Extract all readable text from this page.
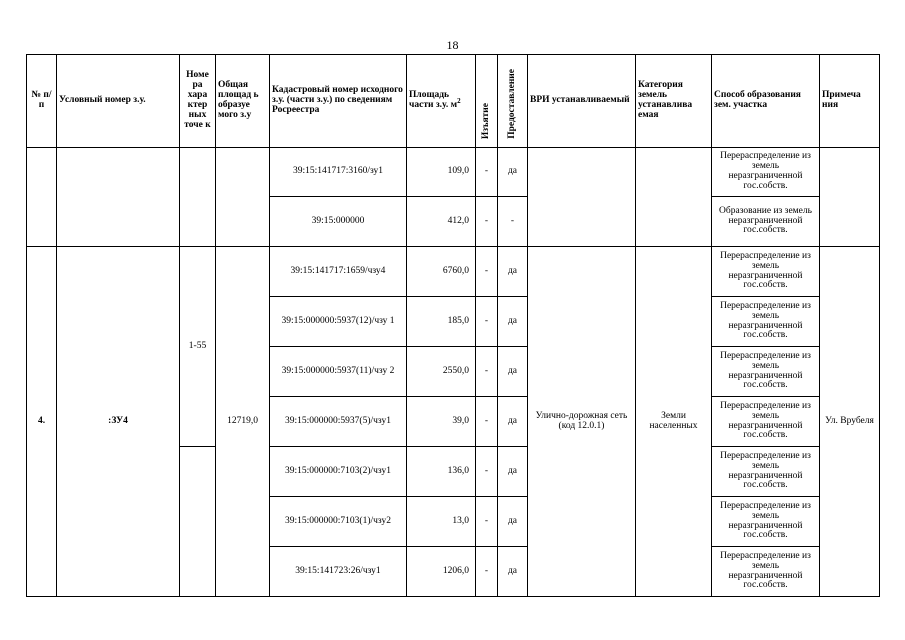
18
№ п/п	Условный номер з.у.	Номе ра хара ктер ных точе к	Общая площад ь образуе мого з.у	Кадастровый номер исходного з.у. (части з.у.) по сведениям Росреестра	Площадь части з.у. $м^2$	Изъятие	Предоставление	ВРИ устанавливаемый	Категория земель устанавлива емая	Способ образования зем. участка	Примеча ния
				39:15:141717:3160/зу1	109,0	-	да			Перераспределение из земель неразграниченной гос.собств.	
				39:15:000000	412,0	-	-			Образование из земель неразграниченной гос.собств.	
4.	:ЗУ4	1-55	12719,0	39:15:141717:1659/чзу4	6760,0	-	да	Улично-дорожная сеть (код 12.0.1)	Земли населенных	Перераспределение из земель неразграниченной гос.собств.	Ул. Врубеля
				39:15:000000:5937(12)/чзу 1	185,0	-	да			Перераспределение из земель неразграниченной гос.собств.	
				39:15:000000:5937(11)/чзу 2	2550,0	-	да			Перераспределение из земель неразграниченной гос.собств.	
				39:15:000000:5937(5)/чзу1	39,0	-	да			Перераспределение из земель неразграниченной гос.собств.	
				39:15:000000:7103(2)/чзу1	136,0	-	да			Перераспределение из земель неразграниченной гос.собств.	
				39:15:000000:7103(1)/чзу2	13,0	-	да			Перераспределение из земель неразграниченной гос.собств.	
				39:15:141723:26/чзу1	1206,0	-	да			Перераспределение из земель неразграниченной гос.собств.	
